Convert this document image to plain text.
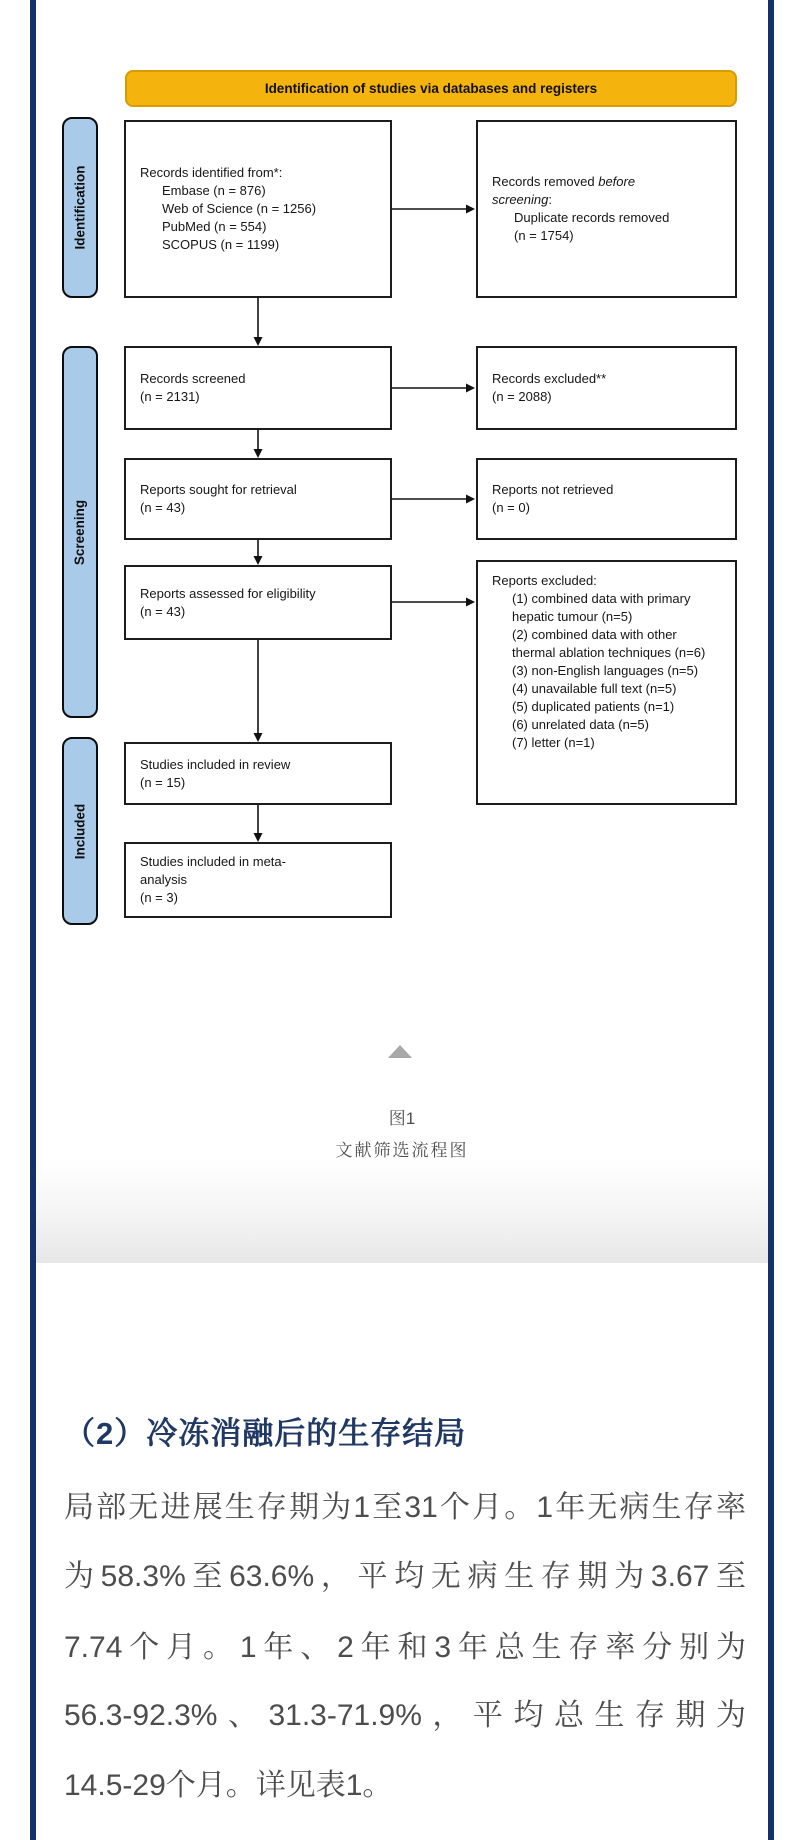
Identification of studies via databases and registers
Identification
Screening
Included
Records identified from*:
Embase (n = 876)
Web of Science (n = 1256)
PubMed (n = 554)
SCOPUS (n = 1199)
Records screened
(n = 2131)
Reports sought for retrieval
(n = 43)
Reports assessed for eligibility
(n = 43)
Studies included in review
(n = 15)
Studies included in meta-
analysis
(n = 3)
Records removed before
screening:
Duplicate records removed
(n = 1754)
Records excluded**
(n = 2088)
Reports not retrieved
(n = 0)
Reports excluded:
(1) combined data with primary hepatic tumour (n=5)
(2) combined data with other thermal ablation techniques (n=6)
(3) non-English languages (n=5)
(4) unavailable full text (n=5)
(5) duplicated patients (n=1)
(6) unrelated data (n=5)
(7) letter (n=1)
图1
文献筛选流程图
（2）冷冻消融后的生存结局
局部无进展生存期为1至31个月。1年无病生存率
为58.3%至63.6%，平均无病生存期为3.67至
7.74个月。1年、2年和3年总生存率分别为
56.3-92.3%、31.3-71.9%，平均总生存期为
14.5-29个月。详见表1。
